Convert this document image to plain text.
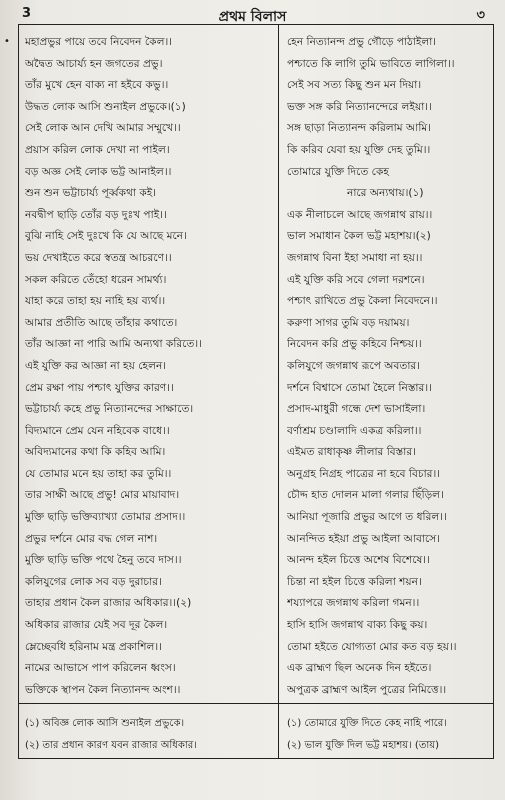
3	প্রথম বিলাস	৩
• মহাপ্রভুর পায়ে তবে নিবেদন কৈল।।
অদ্বৈত আচার্য্য হন জগতের প্রভু।
তাঁর মুখে হেন বাক্য না হইবে কভু।।
উদ্ধত লোক আসি শুনাইল প্রভুকে।(১)
সেই লোক আন দেখি আমার সম্মুখে।।
প্রয়াস করিল লোক দেখা না পাইল।
বড় অজ্ঞ সেই লোক ভট্ট আনাইল।।
শুন শুন ভট্টাচার্য্য পূর্ব্বকথা কই।
নবদ্বীপ ছাড়ি তোঁর বড় দুঃখ পাই।।
বুঝি নাহি সেই দুঃখে কি যে আছে মনে।
ভয় দেখাইতে করে স্বতন্ত্র আচরণে।।
সকল করিতে তেঁহো ধরেন সামর্থ্য।
যাহা করে তাহা হয় নাহি হয় ব্যর্থ।।
আমার প্রতীতি আছে তাঁহার কথাতে।
তাঁর আজ্ঞা না পারি আমি অন্যথা করিতে।।
এই যুক্তি কর আজ্ঞা না হয় হেলন।
প্রেম রক্ষা পায় পশ্চাৎ যুক্তির কারণ।।
ভট্টাচার্য্য কহে প্রভু নিত্যানন্দের সাক্ষাতে।
বিদ্যমানে প্রেম যেন নহিবেক বাধে।।
অবিদ্যমানের কথা কি কহিব আমি।
যে তোমার মনে হয় তাহা কর তুমি।।
তার সাক্ষী আছে প্রভু! মোর মায়াবাদ।
মুক্তি ছাড়ি ভক্তিব্যাখ্যা তোমার প্রসাদ।।
প্রভুর দর্শনে মোর বদ্ধ গেল নাশ।
মুক্তি ছাড়ি ভক্তি পথে হৈনু তবে দাস।।
কলিযুগের লোক সব বড় দুরাচার।
তাহার প্রধান কৈল রাজার অধিকার।।(২)
অধিকার রাজার যেই সব দূর কৈল।
ম্লেচ্ছেবধি হরিনাম মন্ত্র প্রকাশিল।।
নামের আভাসে পাপ করিলেন ধ্বংস।
ভক্তিকে স্থাপন কৈল নিত্যানন্দ অংশ।।
হেন নিত্যানন্দ প্রভু গৌড়ে পাঠাইলা।
পশ্চাতে কি লাগি তুমি ভাবিতে লাগিলা।।
সেই সব সত্য কিছু শুন মন দিয়া।
ভক্ত সঙ্গ করি নিত্যানন্দেরে লইয়া।।
সঙ্গ ছাড়া নিত্যানন্দ করিলাম আমি।
কি করিব যেবা হয় যুক্তি দেহ তুমি।।
তোমারে যুক্তি দিতে কেহ
নারে অন্যথায়।(১)
এক নীলাচলে আছে জগন্নাথ রায়।।
ভাল সমাধান কৈল ভট্ট মহাশয়।(২)
জগন্নাথ বিনা ইহা সমাধা না হয়।।
এই যুক্তি করি সবে গেলা দরশনে।
পশ্চাৎ রাখিতে প্রভু কৈলা নিবেদনে।।
করুণা সাগর তুমি বড় দয়াময়।
নিবেদন করি প্রভু কহিবে নিশ্চয়।।
কলিযুগে জগন্নাথ রূপে অবতার।
দর্শনে বিশ্বাসে তোমা হৈলে নিস্তার।।
প্রসাদ-মাধুরী গন্ধে দেশ ভাসাইলা।
বর্ণাশ্রম চণ্ডালাদি একত্র করিলা।।
এইমত রাধাকৃষ্ণ লীলার বিস্তার।
অনুগ্রহ নিগ্রহ পাত্রের না হবে বিচার।।
চৌদ্দ হাত দোলন মালা গলার ছিঁড়িল।
আনিয়া পূজারি প্রভুর আগে ত ধরিল।।
আনন্দিত হইয়া প্রভু আইলা আবাসে।
আনন্দ হইল চিত্তে অশেষ বিশেষে।।
চিন্তা না হইল চিত্তে করিলা শয়ন।
শয্যাপরে জগন্নাথ করিলা গমন।।
হাসি হাসি জগন্নাথ বাক্য কিছু কয়।
তোমা হইতে যোগ্যতা মোর কত বড় হয়।।
এক ব্রাহ্মণ ছিল অনেক দিন হইতে।
অপুত্রক ব্রাহ্মণ আইল পুত্রের নিমিত্তে।।
(১) অবিজ্ঞ লোক আসি শুনাইল প্রভুকে।
(২) তার প্রধান কারণ যবন রাজার অধিকার।
(১) তোমারে যুক্তি দিতে কেহ নাহি পারে।
(২) ভাল যুক্তি দিল ভট্ট মহাশয়। (তায়)
